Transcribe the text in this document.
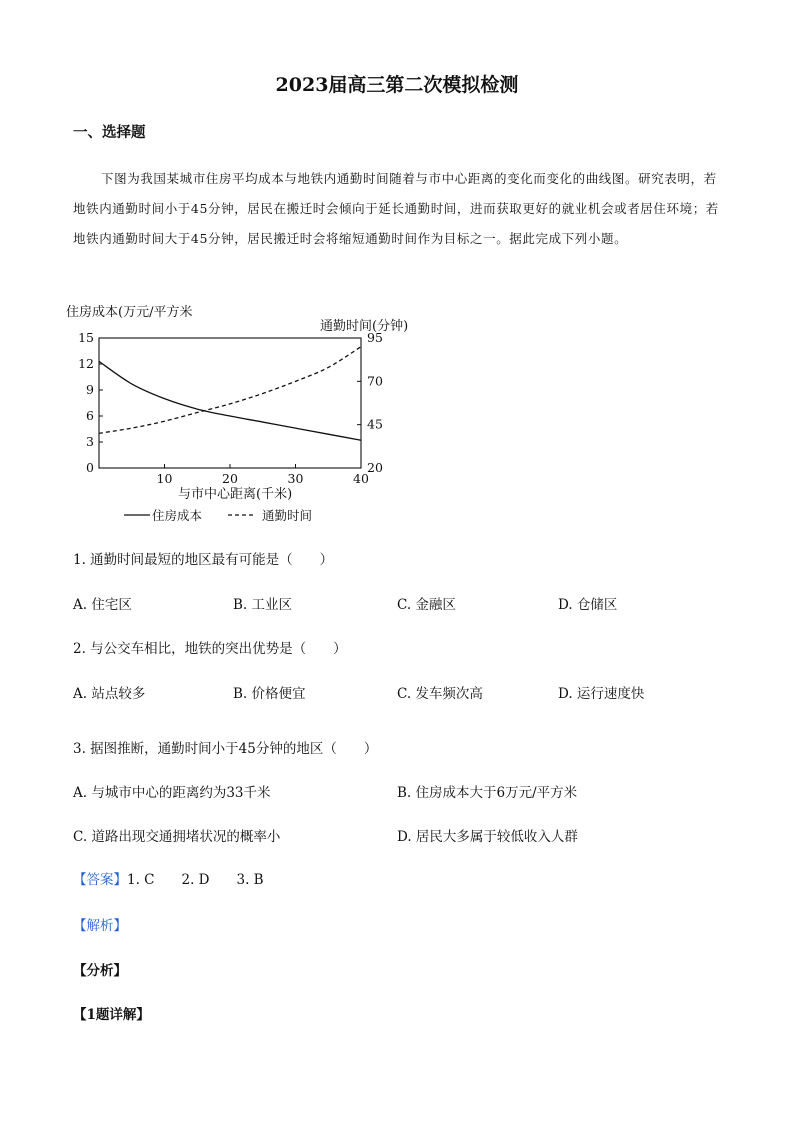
2023届高三第二次模拟检测
一、选择题
下图为我国某城市住房平均成本与地铁内通勤时间随着与市中心距离的变化而变化的曲线图。研究表明，若地铁内通勤时间小于45分钟，居民在搬迁时会倾向于延长通勤时间，进而获取更好的就业机会或者居住环境；若地铁内通勤时间大于45分钟，居民搬迁时会将缩短通勤时间作为目标之一。据此完成下列小题。
住房成本(万元/平方米
通勤时间(分钟)
10	20	30	40
15
12
9
6
3
0
95
70
45
20
与市中心距离(千米)
住房成本	通勤时间
1. 通勤时间最短的地区最有可能是（　　）
A. 住宅区	B. 工业区	C. 金融区	D. 仓储区
2. 与公交车相比，地铁的突出优势是（　　）
A. 站点较多	B. 价格便宜	C. 发车频次高	D. 运行速度快
3. 据图推断，通勤时间小于45分钟的地区（　　）
A. 与城市中心的距离约为33千米	B. 住房成本大于6万元/平方米
C. 道路出现交通拥堵状况的概率小	D. 居民大多属于较低收入人群
【答案】1. C　　2. D　　3. B
【解析】
【分析】
【1题详解】
